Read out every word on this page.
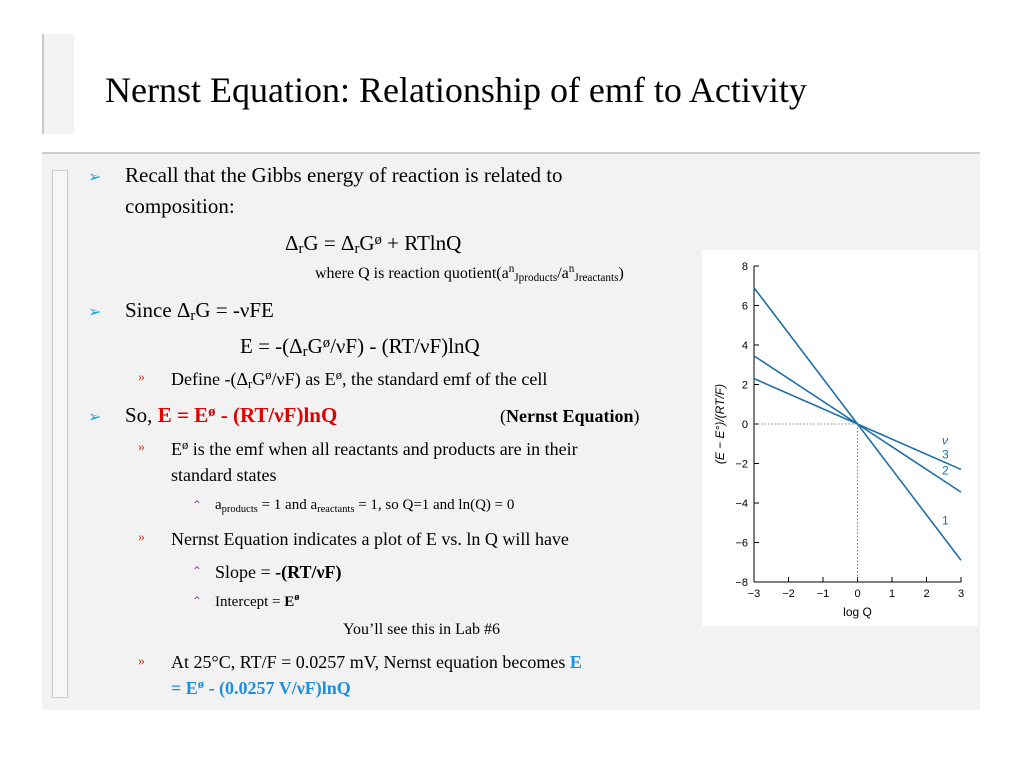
Nernst Equation: Relationship of emf to Activity
➢ Recall that the Gibbs energy of reaction is related to
composition:
$\Delta_rG = \Delta_rG^ø + RTlnQ$
where Q is reaction $quotient(a^n_{Jproducts}/a^n_{Jreactants})$
➢ Since $\Delta_rG = -\nu FE$
$E = -(\Delta_rG^ø/\nu F) - (RT/\nu F)\ln Q$
» Define $-(\Delta_rG^ø/\nu F)$ as $E^ø$, the standard emf of the cell
➢ So, $E = E^ø - (RT/\nu F)\ln Q$	(Nernst Equation)
» $E^ø$ is the emf when all reactants and products are in their
standard states
⌃ $a_{products} = 1$ and $a_{reactants} = 1$, so Q=1 and ln(Q) = 0
» Nernst Equation indicates a plot of E vs. ln Q will have
⌃ Slope = -(RT/νF)
⌃ Intercept = $E^ø$
You’ll see this in Lab #6
» At 25°C, RT/F = 0.0257 mV, Nernst equation becomes E
= $E^ø - (0.0257$ V/νF)lnQ
8
6
4
2
0
−2
−4
−6
−8
−3 −2 −1 0	1	2	3
1
2
3
ν
log Q
(E − E°)/(RT/F)
